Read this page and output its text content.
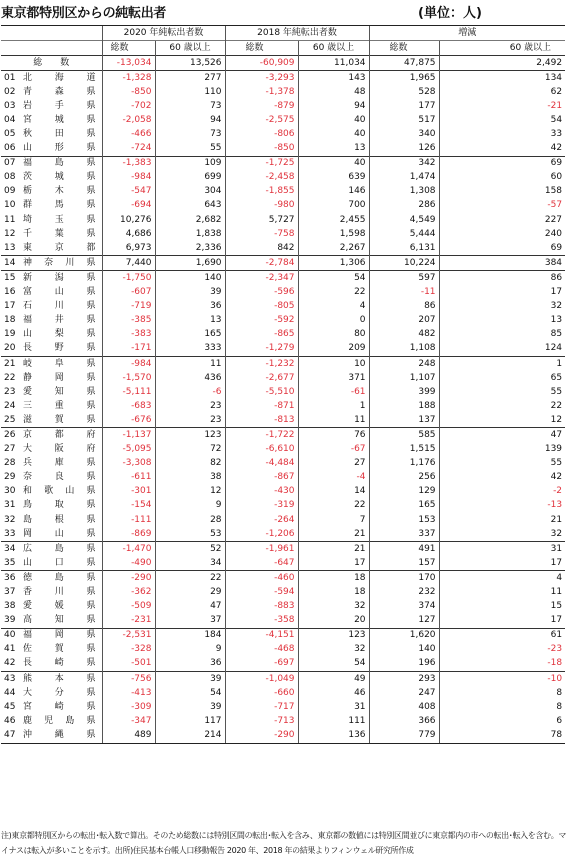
東京都特別区からの純転出者	(単位：人)
		2020 年純転出者数		2018 年純転出者数		増減	
		総数	60 歳以上	総数	60 歳以上	総数	60 歳以上
総　　数		-13,034	13,526	-60,909	11,034	47,875	2,492
01	北海道	-1,328	277	-3,293	143	1,965	134
02	青森県	-850	110	-1,378	48	528	62
03	岩手県	-702	73	-879	94	177	-21
04	宮城県	-2,058	94	-2,575	40	517	54
05	秋田県	-466	73	-806	40	340	33
06	山形県	-724	55	-850	13	126	42
07	福島県	-1,383	109	-1,725	40	342	69
08	茨城県	-984	699	-2,458	639	1,474	60
09	栃木県	-547	304	-1,855	146	1,308	158
10	群馬県	-694	643	-980	700	286	-57
11	埼玉県	10,276	2,682	5,727	2,455	4,549	227
12	千葉県	4,686	1,838	-758	1,598	5,444	240
13	東京都	6,973	2,336	842	2,267	6,131	69
14	神奈川県	7,440	1,690	-2,784	1,306	10,224	384
15	新潟県	-1,750	140	-2,347	54	597	86
16	富山県	-607	39	-596	22	-11	17
17	石川県	-719	36	-805	4	86	32
18	福井県	-385	13	-592	0	207	13
19	山梨県	-383	165	-865	80	482	85
20	長野県	-171	333	-1,279	209	1,108	124
21	岐阜県	-984	11	-1,232	10	248	1
22	静岡県	-1,570	436	-2,677	371	1,107	65
23	愛知県	-5,111	-6	-5,510	-61	399	55
24	三重県	-683	23	-871	1	188	22
25	滋賀県	-676	23	-813	11	137	12
26	京都府	-1,137	123	-1,722	76	585	47
27	大阪府	-5,095	72	-6,610	-67	1,515	139
28	兵庫県	-3,308	82	-4,484	27	1,176	55
29	奈良県	-611	38	-867	-4	256	42
30	和歌山県	-301	12	-430	14	129	-2
31	鳥取県	-154	9	-319	22	165	-13
32	島根県	-111	28	-264	7	153	21
33	岡山県	-869	53	-1,206	21	337	32
34	広島県	-1,470	52	-1,961	21	491	31
35	山口県	-490	34	-647	17	157	17
36	徳島県	-290	22	-460	18	170	4
37	香川県	-362	29	-594	18	232	11
38	愛媛県	-509	47	-883	32	374	15
39	高知県	-231	37	-358	20	127	17
40	福岡県	-2,531	184	-4,151	123	1,620	61
41	佐賀県	-328	9	-468	32	140	-23
42	長崎県	-501	36	-697	54	196	-18
43	熊本県	-756	39	-1,049	49	293	-10
44	大分県	-413	54	-660	46	247	8
45	宮崎県	-309	39	-717	31	408	8
46	鹿児島県	-347	117	-713	111	366	6
47	沖縄県	489	214	-290	136	779	78
注)東京都特別区からの転出･転入数で算出。そのため総数には特別区間の転出･転入を含み、東京都の数値には特別区間並びに東京都内の市への転出･転入を含む。マイナスは転入が多いことを示す。出所)住民基本台帳人口移動報告 2020 年、2018 年の結果よりフィンウェル研究所作成
